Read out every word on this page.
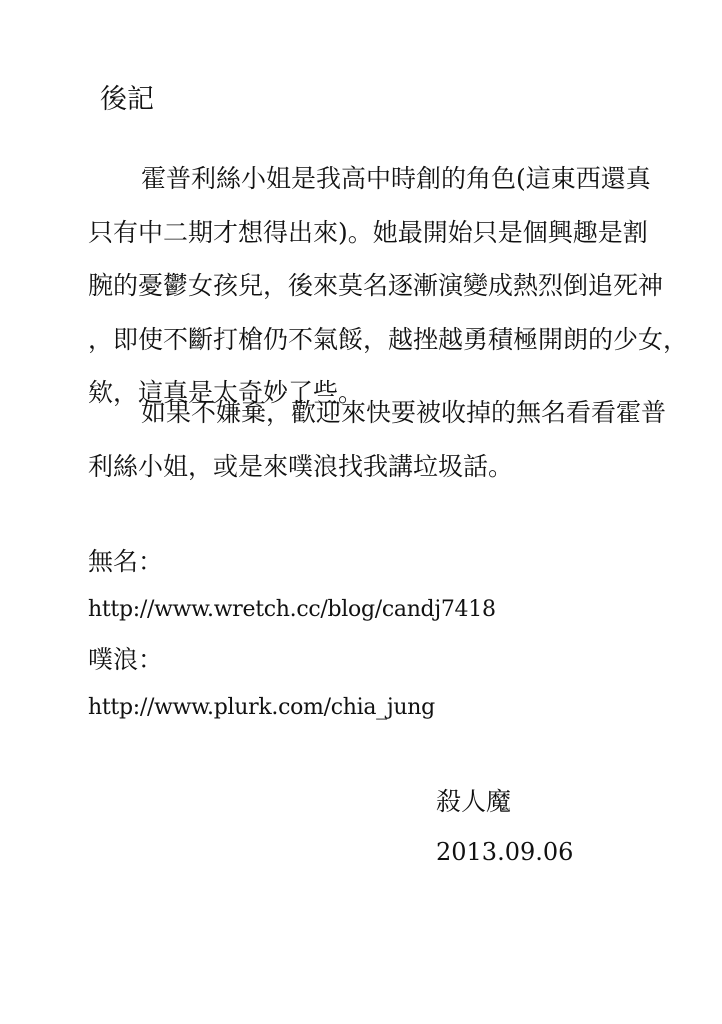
後記
霍普利絲小姐是我高中時創的角色(這東西還真
只有中二期才想得出來)。她最開始只是個興趣是割
腕的憂鬱女孩兒，後來莫名逐漸演變成熱烈倒追死神
，即使不斷打槍仍不氣餒，越挫越勇積極開朗的少女，
欸，這真是太奇妙了些。
如果不嫌棄，歡迎來快要被收掉的無名看看霍普
利絲小姐，或是來噗浪找我講垃圾話。
無名：
http://www.wretch.cc/blog/candj7418
噗浪：
http://www.plurk.com/chia_jung
殺人魔
2013.09.06
